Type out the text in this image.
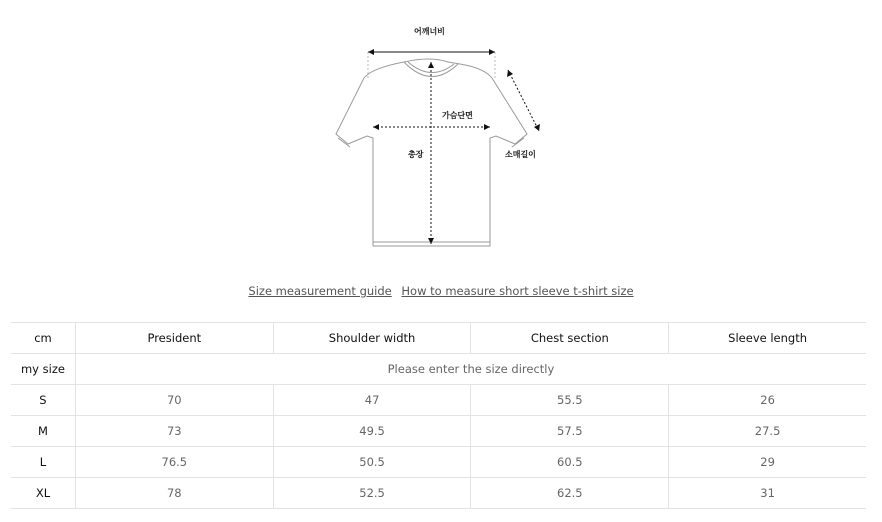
어깨너비
가슴단면
총장	소매길이
Size measurement guide How to measure short sleeve t-shirt size
cm	President	Shoulder width	Chest section	Sleeve length
my size	Please enter the size directly			
S	70	47	55.5	26
M	73	49.5	57.5	27.5
L	76.5	50.5	60.5	29
XL	78	52.5	62.5	31
